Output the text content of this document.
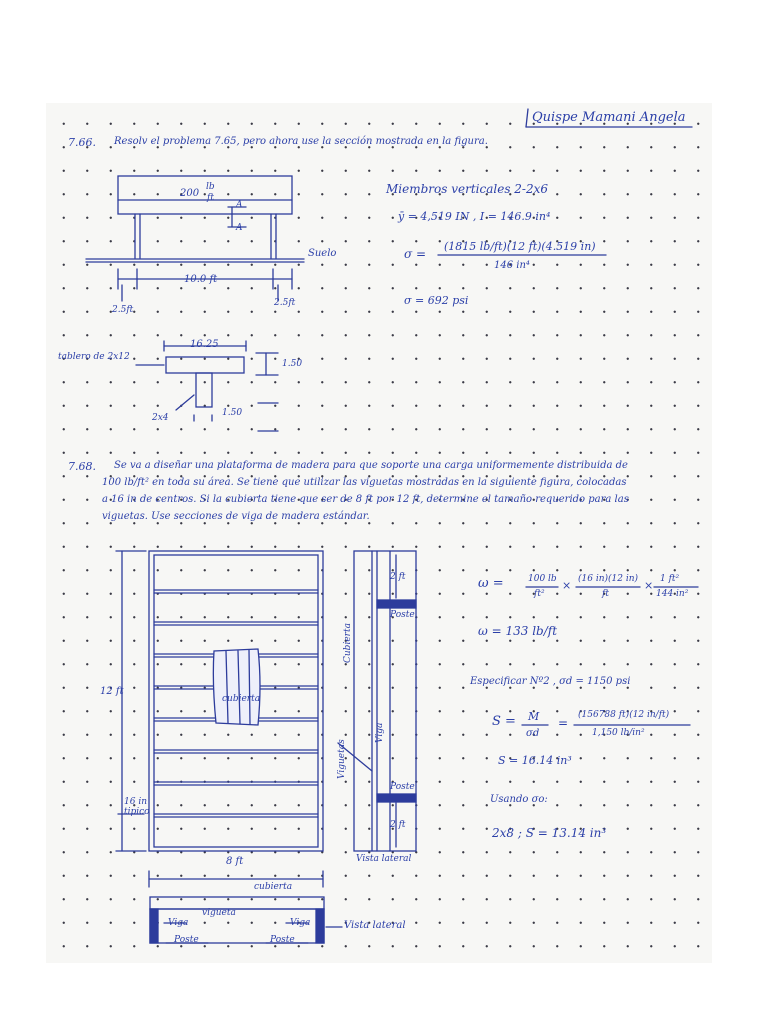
Quispe Mamani Angela
7.66. Resolv el problema 7.65, pero ahora use la sección mostrada en la figura.
200
lb
ft
A
A
Suelo
10.0 ft
2.5ft
2.5ft
16.25
1.50
1.50
tablero de 2x12
2x4
Miembros verticales 2-2x6
ȳ = 4,519 IN , I = 146.9 in⁴
σ =
(1815 lb/ft)(12 ft)(4.519 in)
146 in⁴
σ = 692 psi
7.68. Se va a diseñar una plataforma de madera para que soporte una carga uniformemente distribuida de
100 lb/ft² en toda su área. Se tiene que utilizar las viguetas mostradas en la siguiente figura, colocadas
a 16 in de centros. Si la cubierta tiene que ser de 8 ft por 12 ft, determine el tamaño requerido para las
viguetas. Use secciones de viga de madera estándar.
12 ft
16 in tipico
8 ft
cubierta
Cubierta
Viga
Viguetas
Poste
Poste
2 ft
2 ft
Vista lateral
cubierta
vigueta
Viga	Viga
Poste	Poste
Vista lateral
ω =	100 lb
ft²
× (16 in)(12 in)
ft
× 1 ft²
144 in²
ω = 133 lb/ft
Especificar Nº2 , σd = 1150 psi
S = M
σd
=
(156788 ft)(12 in/ft)
1,150 lb/in²
S = 16.14 in³
Usando σo:
2x8 ; S = 13.14 in³
